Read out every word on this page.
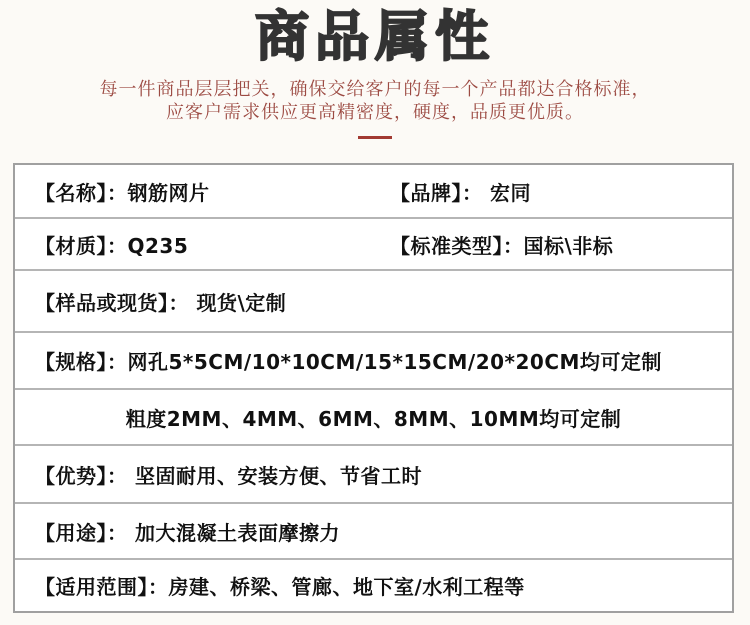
商品属性

每一件商品层层把关，确保交给客户的每一个产品都达合格标准，

应客户需求供应更高精密度，硬度，品质更优质。

【名称】：钢筋网片	【品牌】： 宏同
【材质】：Q235	【标准类型】：国标\非标
【样品或现货】： 现货\定制
【规格】：网孔5*5CM/10*10CM/15*15CM/20*20CM均可定制
粗度2MM、4MM、6MM、8MM、10MM均可定制
【优势】： 坚固耐用、安装方便、节省工时
【用途】： 加大混凝土表面摩擦力
【适用范围】：房建、桥梁、管廊、地下室/水利工程等
